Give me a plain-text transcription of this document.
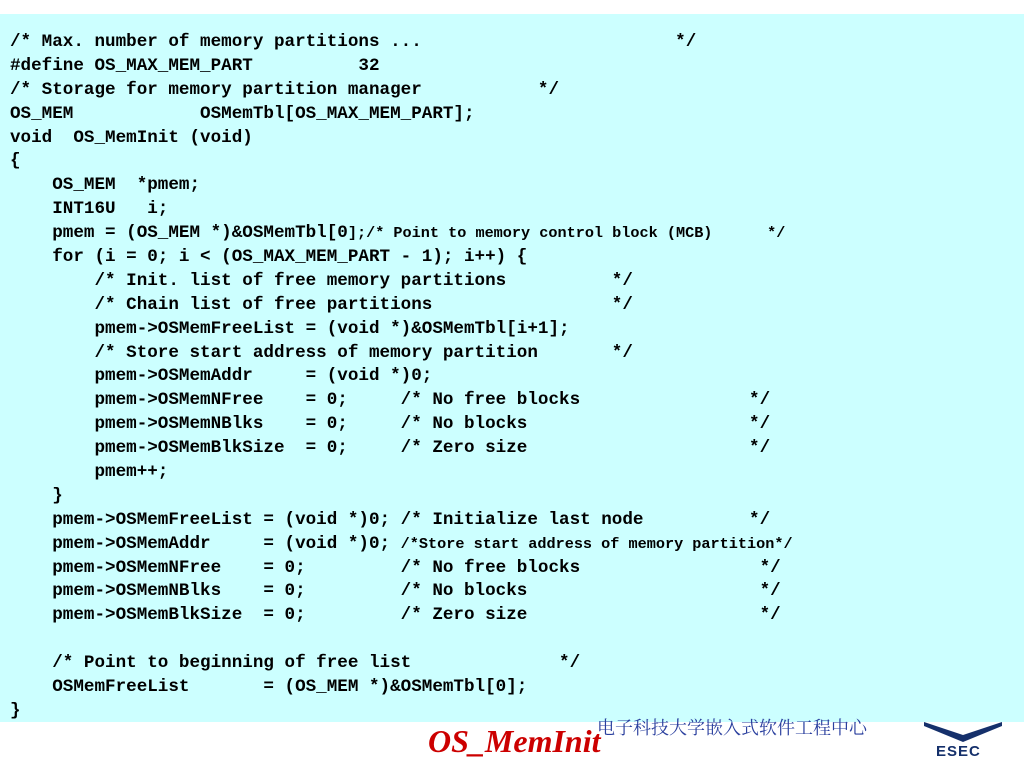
/* Max. number of memory partitions ...                        */
#define OS_MAX_MEM_PART          32
/* Storage for memory partition manager           */
OS_MEM            OSMemTbl[OS_MAX_MEM_PART];
void  OS_MemInit (void)
{
OS_MEM  *pmem;
INT16U   i;
pmem = (OS_MEM *)&OSMemTbl[0];/* Point to memory control block (MCB)      */
for (i = 0; i < (OS_MAX_MEM_PART - 1); i++) {
/* Init. list of free memory partitions          */
/* Chain list of free partitions                 */
pmem->OSMemFreeList = (void *)&OSMemTbl[i+1];
/* Store start address of memory partition       */
pmem->OSMemAddr     = (void *)0;
pmem->OSMemNFree    = 0;     /* No free blocks                */
pmem->OSMemNBlks    = 0;     /* No blocks                     */
pmem->OSMemBlkSize  = 0;     /* Zero size                     */
pmem++;
}
pmem->OSMemFreeList = (void *)0; /* Initialize last node          */
pmem->OSMemAddr     = (void *)0; /*Store start address of memory partition*/
pmem->OSMemNFree    = 0;         /* No free blocks                 */
pmem->OSMemNBlks    = 0;         /* No blocks                      */
pmem->OSMemBlkSize  = 0;         /* Zero size                      */
/* Point to beginning of free list              */
OSMemFreeList       = (OS_MEM *)&OSMemTbl[0];
}
电子科技大学嵌入式软件工程中心
OS_MemInit	ESEC
